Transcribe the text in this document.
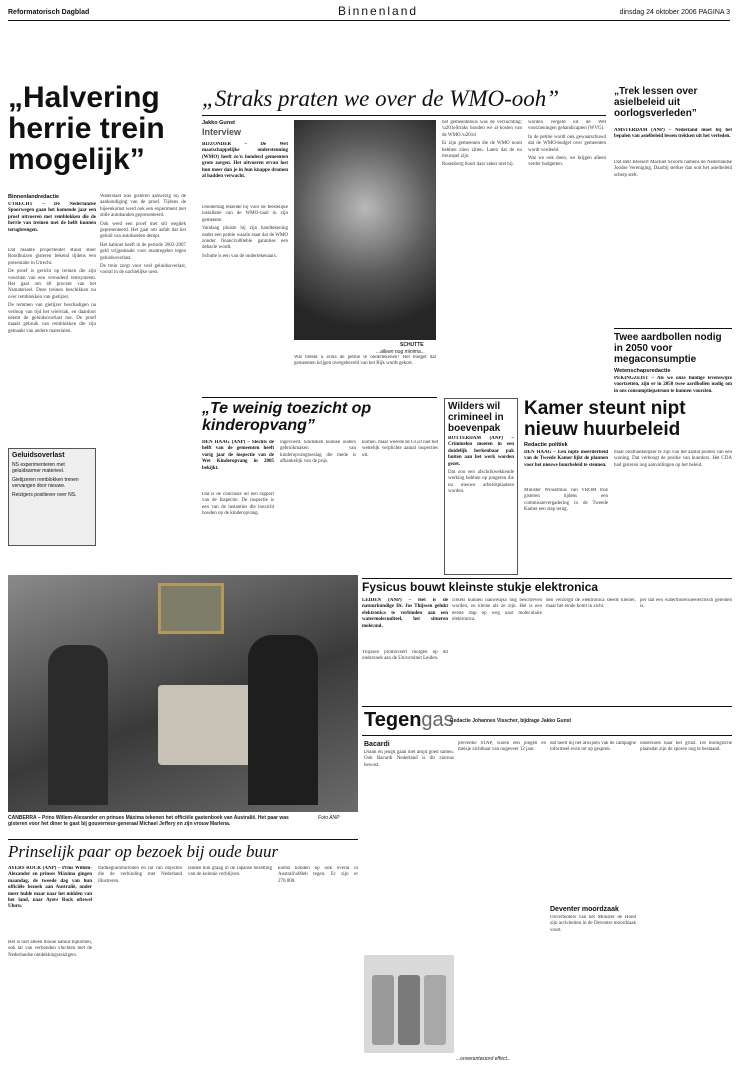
Reformatorisch Dagblad	Binnenland	dinsdag 24 oktober 2006 PAGINA 3
„Halvering herrie trein mogelijk”
Binnenlandredactie
UTRECHT – De Nederlandse Spoorwegen gaan het komende jaar een proef uitvoeren met remblokken die de herrie van treinen met de helft kunnen terugbrengen.

Dat maakte projectleider Ruud Boer Roodhuizen gisteren bekend tijdens een presentatie in Utrecht.

De proef is gericht op treinen die zijn voorzien van een verouderd remsysteem. Het gaat om 40 procent van het Nsmaterieel. Deze treinen beschikken nu over remblokken van gietijzer.

De remmen van gietijzer beschadigen na verloop van tijd het wielvlak, en daardoor neemt de geluidsoverlast toe. De proef maakt gebruik van remblokken die zijn gemaakt van andere materialen.

Geluidsoverlast
NS experimenteren met geluidsarmer materieel.
Gietijzeren remblokken trenen vervangen door nieuwe.
Reizigers positiever over NS.

Waterstaat was gisteren aanwezig bij de aankondiging van de proef. Tijdens de bijeenkomst werd ook een experiment met stille autobanden gepresenteerd.

Ook werd een proef met stil wegdek gepresenteerd. Het gaat om asfalt dat het geluid van autobanden dempt.

Het kabinet heeft in de periode 2002-2007 geld vrijgemaakt voor maatregelen tegen geluidsoverlast.

De trein zorgt voor veel geluidsoverlast, vooral in de nachtelijke uren.

„Straks praten we over de WMO-ooh”
Jakko Gunst
Interview
BIJZONDER – De Wet maatschappelijke ondersteuning (WMO) heeft zo'n honderd gemeenten grote zorgen. Het uitvoeren ervan lost hun meer dan je in hun knappe dromen al hadden verwacht.

Donderdag tekende hij voor de feestelijke installatie van de WMO-raad in zijn gemeente.

Vandaag pluiste hij zijn handtekening onder een petitie waarin staat dat de WMO zonder financi\u00eble garanties een debacle wordt.

Schutte is een van de ondertekenaars.

SCHUTTE
...alleen nog minima...

Wat breekt u erina de petitie te ondertekenen? Het budget dat gemeenten krijgen overgeheveld van het Rijk wordt gekort.

het gemeentehuis was de verzuchting: \u201eStraks houden we al kosten van de WMO.\u201d

Er zijn gemeenten die de WMO nooit hebben ziien zitten. Laten dat de nu treurspel zijn.

Rosenburg hoort daar zeker niet bij.

worden vergeld uit de Wet voorzieningen gehandicapten (WVG).

In de petitie wordt ook gewaarschuwd dat de WMO-budget over gemeenten wordt verdeeld.

Wat we ook doen, we krijgen alleen verder budgetten.

„Te weinig toezicht op kinderopvang”
DEN HAAG (ANP) – Slechts de helft van de gemeenten heeft vorig jaar de inspectie van de Wet Kinderopvang in 2005 bekijkt.

Dat is de conclusie uit een rapport van de Inspectie. De inspectie is een van de instanties die toezicht houden op de kinderopvang.

ingevoerd. Sindsdien kunnen ouders gebruikmaken van kinderopvangtoeslag die mede is afhankelijk van de prijs.

komen. maar weerde de GGD niet het wettelijk verplichte aantal inspecties uit.

Wilders wil crimineel in boevenpak
ROTTERDAM (ANP) – Criminelen moeten in een duidelijk herkenbaar pak buiten aan het werk worden gezet.

Dat zou een afschrikwekkende werking hebben op jongeren die nu nieuwe arbeidsplaatsen worden.

Kamer steunt nipt nieuw huurbeleid
Redactie politiek
DEN HAAG – Een nipte meerderheid van de Tweede Kamer lijkt de plannen voor het nieuwe huurbeleid te steunen.

Minister Winsemius van VROM trok gisteren tijdens een commissievergadering in de Tweede Kamer een stap terug.

maar onafhankelijker te zijn van het aantal punten van een woning. Dat verhoogt de positie van huurders. Het CDA had gisteren nog aanvullingen op het beleid.

Fysicus bouwt kleinste stukje elektronica
LEIDEN (ANP) – Het is de natuurkundige Dr. Jos Thijssen gelukt elektronica te verbinden aan een watermolecuulteel, het situeren molecuul.

Thijssen promoveert morgen op dit onderzoek aan de Universiteit Leiden.

cirkels kunnen nauwelijks nog beschreven worden, zo kleine als ze zijn. Het is een eerste stap op weg naar moleculaire elektronica.

den verzorgd de elektronica steeds kleiner, maar het einde komt in zicht.

per dat eén watermoleculeelectrisch geleiden is.

CANBERRA – Prins Willem-Alexander en prinses Máxima tekenen het officiële gastenboek van Australië. Het paar was gisteren voor het diner te gast bij gouverneur-generaal Michael Jeffery en zijn vrouw Marlena.
Foto ANP
Prinselijk paar op bezoek bij oude buur
AYERS ROCK (ANP) – Prins Willem-Alexander en prinses Máxima gingen maandag, de tweede dag van hun officiële bezoek aan Australië, onder meer hulde maar naar het midden van het land, naar Ayers Rock oftewel Uluru.

Het is niet alleen mooie natuur bijkomen, ook tal van verbonden vluchten met de Nederlandse ontdekkingsreizigers.

tradtiegrammofonen en tal van objecten die de verbinding met Nederland illustreren.

landen hun graag in de Japanse bezetting van de kolonie verblijven.

komst konden op ook overal in Australi\u00eb tegen. Er zijn er 270.000.

Tegengas
Redactie Johannes Visscher, bijdrage Jakko Gunst
Bacardi

Drank en jeugd gaan niet altijd goed samen. Ook Bacardi Nederland is dit ziurnus bewust.

preventie STAP, waren een jongen en meisje zichtbaar van ongeveer 12 jaar.

dat heeft hij het afwijzen van de campagne informeel even tot op gesprek.

Deventer moordzaak

Oovertooters van het Minister de Hond zijn activiteiten in de Deventer moordzaak voort.

onderzoek naar het gruzl. De biologische plaatsdat zijn de sporen nog te bestaand.

...onverantwoord effect...
„Trek lessen over asielbeleid uit oorlogsverleden”
AMSTERDAM (ANP) – Nederland moet bij het bepalen van asielbeleid lessen trekken uit het verleden.

Dat stelt Blossert Machiel Scoorts namens de Nederlandse Joodse Vereniging, Daarbij sterker dan ooit het asielbeleid scherp stelt.

Twee aardbollen nodig in 2050 voor megaconsumptie
Wetenschapsredactie
PEKINGZEIST – Als we onze huidige levenswijze voortzetten, zijn er in 2050 twee aardbollen nodig om in ons consumptiepatroon te kunnen voorzien.
